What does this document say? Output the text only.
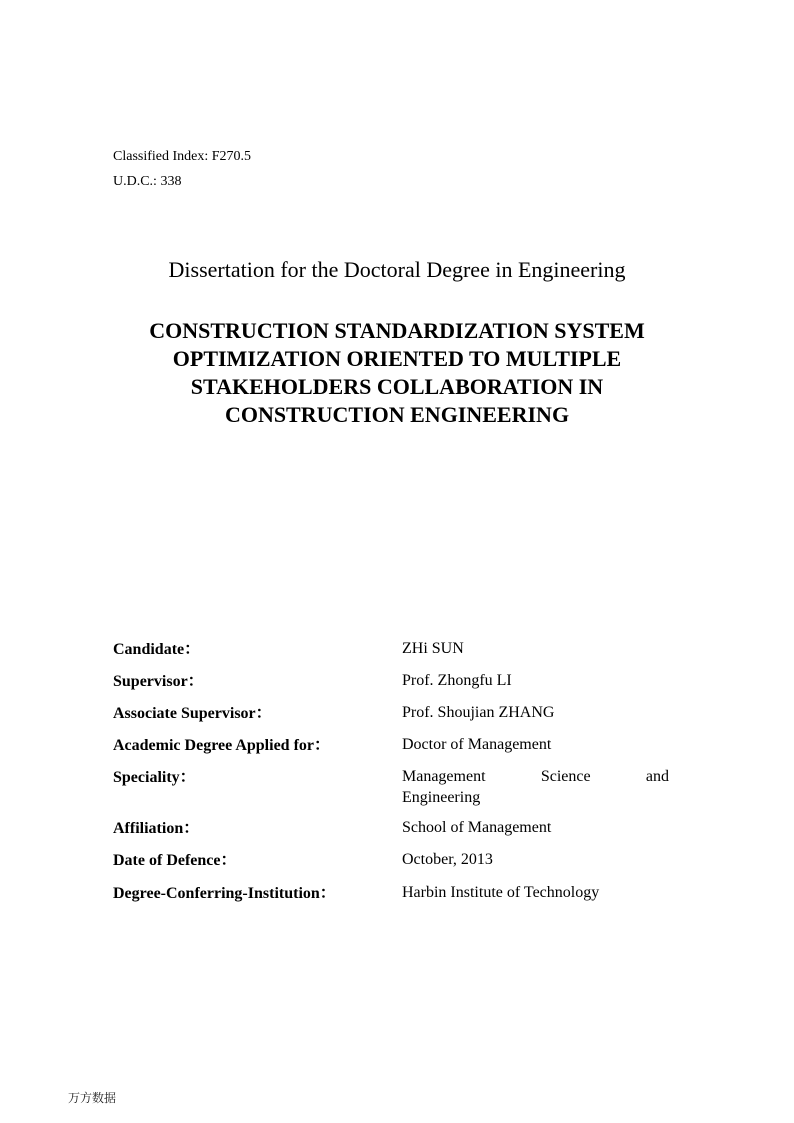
Classified Index: F270.5
U.D.C.: 338
Dissertation for the Doctoral Degree in Engineering
CONSTRUCTION STANDARDIZATION SYSTEM
OPTIMIZATION ORIENTED TO MULTIPLE
STAKEHOLDERS COLLABORATION IN
CONSTRUCTION ENGINEERING
Candidate：	ZHi SUN
Supervisor：	Prof. Zhongfu LI
Associate Supervisor：	Prof. Shoujian ZHANG
Academic Degree Applied for：	Doctor of Management
Speciality：	Management Science and
Engineering
Affiliation：	School of Management
Date of Defence：	October, 2013
Degree-Conferring-Institution：	Harbin Institute of Technology
万方数据
